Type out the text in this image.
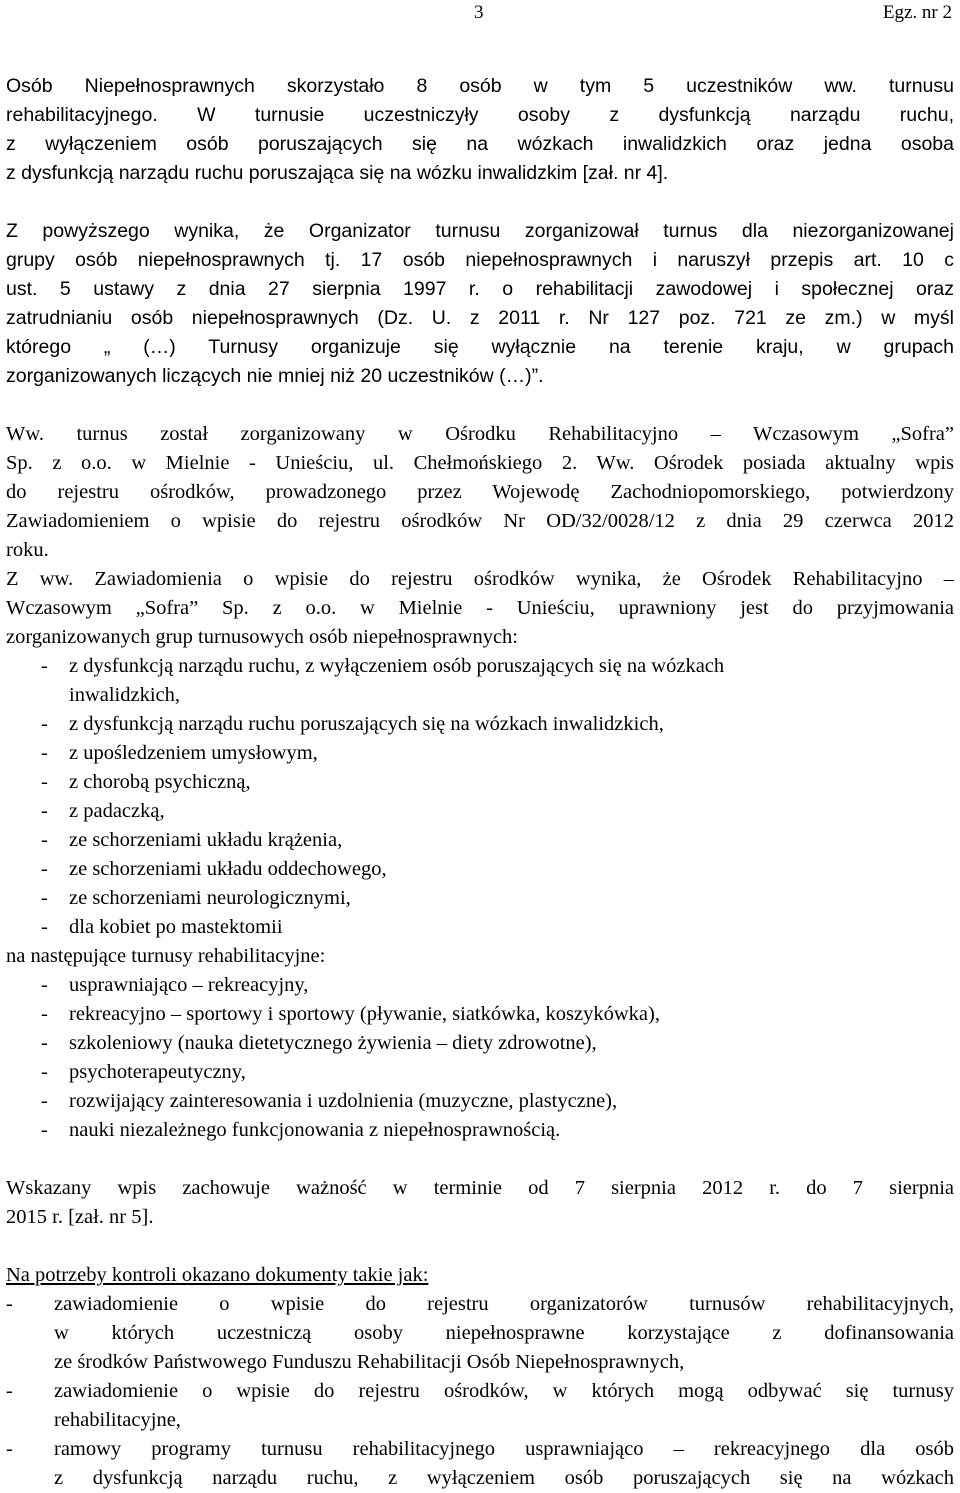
3	Egz. nr 2

Osób Niepełnosprawnych skorzystało 8 osób w tym 5 uczestników ww. turnusu

rehabilitacyjnego. W turnusie uczestniczyły osoby z dysfunkcją narządu ruchu,

z wyłączeniem osób poruszających się na wózkach inwalidzkich oraz jedna osoba

z dysfunkcją narządu ruchu poruszająca się na wózku inwalidzkim [zał. nr 4].

Z powyższego wynika, że Organizator turnusu zorganizował turnus dla niezorganizowanej

grupy osób niepełnosprawnych tj. 17 osób niepełnosprawnych i naruszył przepis art. 10 c

ust. 5 ustawy z dnia 27 sierpnia 1997 r. o rehabilitacji zawodowej i społecznej oraz

zatrudnianiu osób niepełnosprawnych (Dz. U. z 2011 r. Nr 127 poz. 721 ze zm.) w myśl

którego „ (…) Turnusy organizuje się wyłącznie na terenie kraju, w grupach

zorganizowanych liczących nie mniej niż 20 uczestników (…)”.

Ww. turnus został zorganizowany w Ośrodku Rehabilitacyjno – Wczasowym „Sofra”

Sp. z o.o. w Mielnie - Unieściu, ul. Chełmońskiego 2. Ww. Ośrodek posiada aktualny wpis

do rejestru ośrodków, prowadzonego przez Wojewodę Zachodniopomorskiego, potwierdzony

Zawiadomieniem o wpisie do rejestru ośrodków Nr OD/32/0028/12 z dnia 29 czerwca 2012

roku.

Z ww. Zawiadomienia o wpisie do rejestru ośrodków wynika, że Ośrodek Rehabilitacyjno –

Wczasowym „Sofra” Sp. z o.o. w Mielnie - Unieściu, uprawniony jest do przyjmowania

zorganizowanych grup turnusowych osób niepełnosprawnych:

- z dysfunkcją narządu ruchu, z wyłączeniem osób poruszających się na wózkach
inwalidzkich,
- z dysfunkcją narządu ruchu poruszających się na wózkach inwalidzkich,
- z upośledzeniem umysłowym,
- z chorobą psychiczną,
- z padaczką,
- ze schorzeniami układu krążenia,
- ze schorzeniami układu oddechowego,
- ze schorzeniami neurologicznymi,
- dla kobiet po mastektomii

na następujące turnusy rehabilitacyjne:

- usprawniająco – rekreacyjny,
- rekreacyjno – sportowy i sportowy (pływanie, siatkówka, koszykówka),
- szkoleniowy (nauka dietetycznego żywienia – diety zdrowotne),
- psychoterapeutyczny,
- rozwijający zainteresowania i uzdolnienia (muzyczne, plastyczne),
- nauki niezależnego funkcjonowania z niepełnosprawnością.

Wskazany wpis zachowuje ważność w terminie od 7 sierpnia 2012 r. do 7 sierpnia

2015 r. [zał. nr 5].

Na potrzeby kontroli okazano dokumenty takie jak:

- zawiadomienie o wpisie do rejestru organizatorów turnusów rehabilitacyjnych,

w których uczestniczą osoby niepełnosprawne korzystające z dofinansowania

ze środków Państwowego Funduszu Rehabilitacji Osób Niepełnosprawnych,

- zawiadomienie o wpisie do rejestru ośrodków, w których mogą odbywać się turnusy

rehabilitacyjne,

- ramowy programy turnusu rehabilitacyjnego usprawniająco – rekreacyjnego dla osób

z dysfunkcją narządu ruchu, z wyłączeniem osób poruszających się na wózkach
